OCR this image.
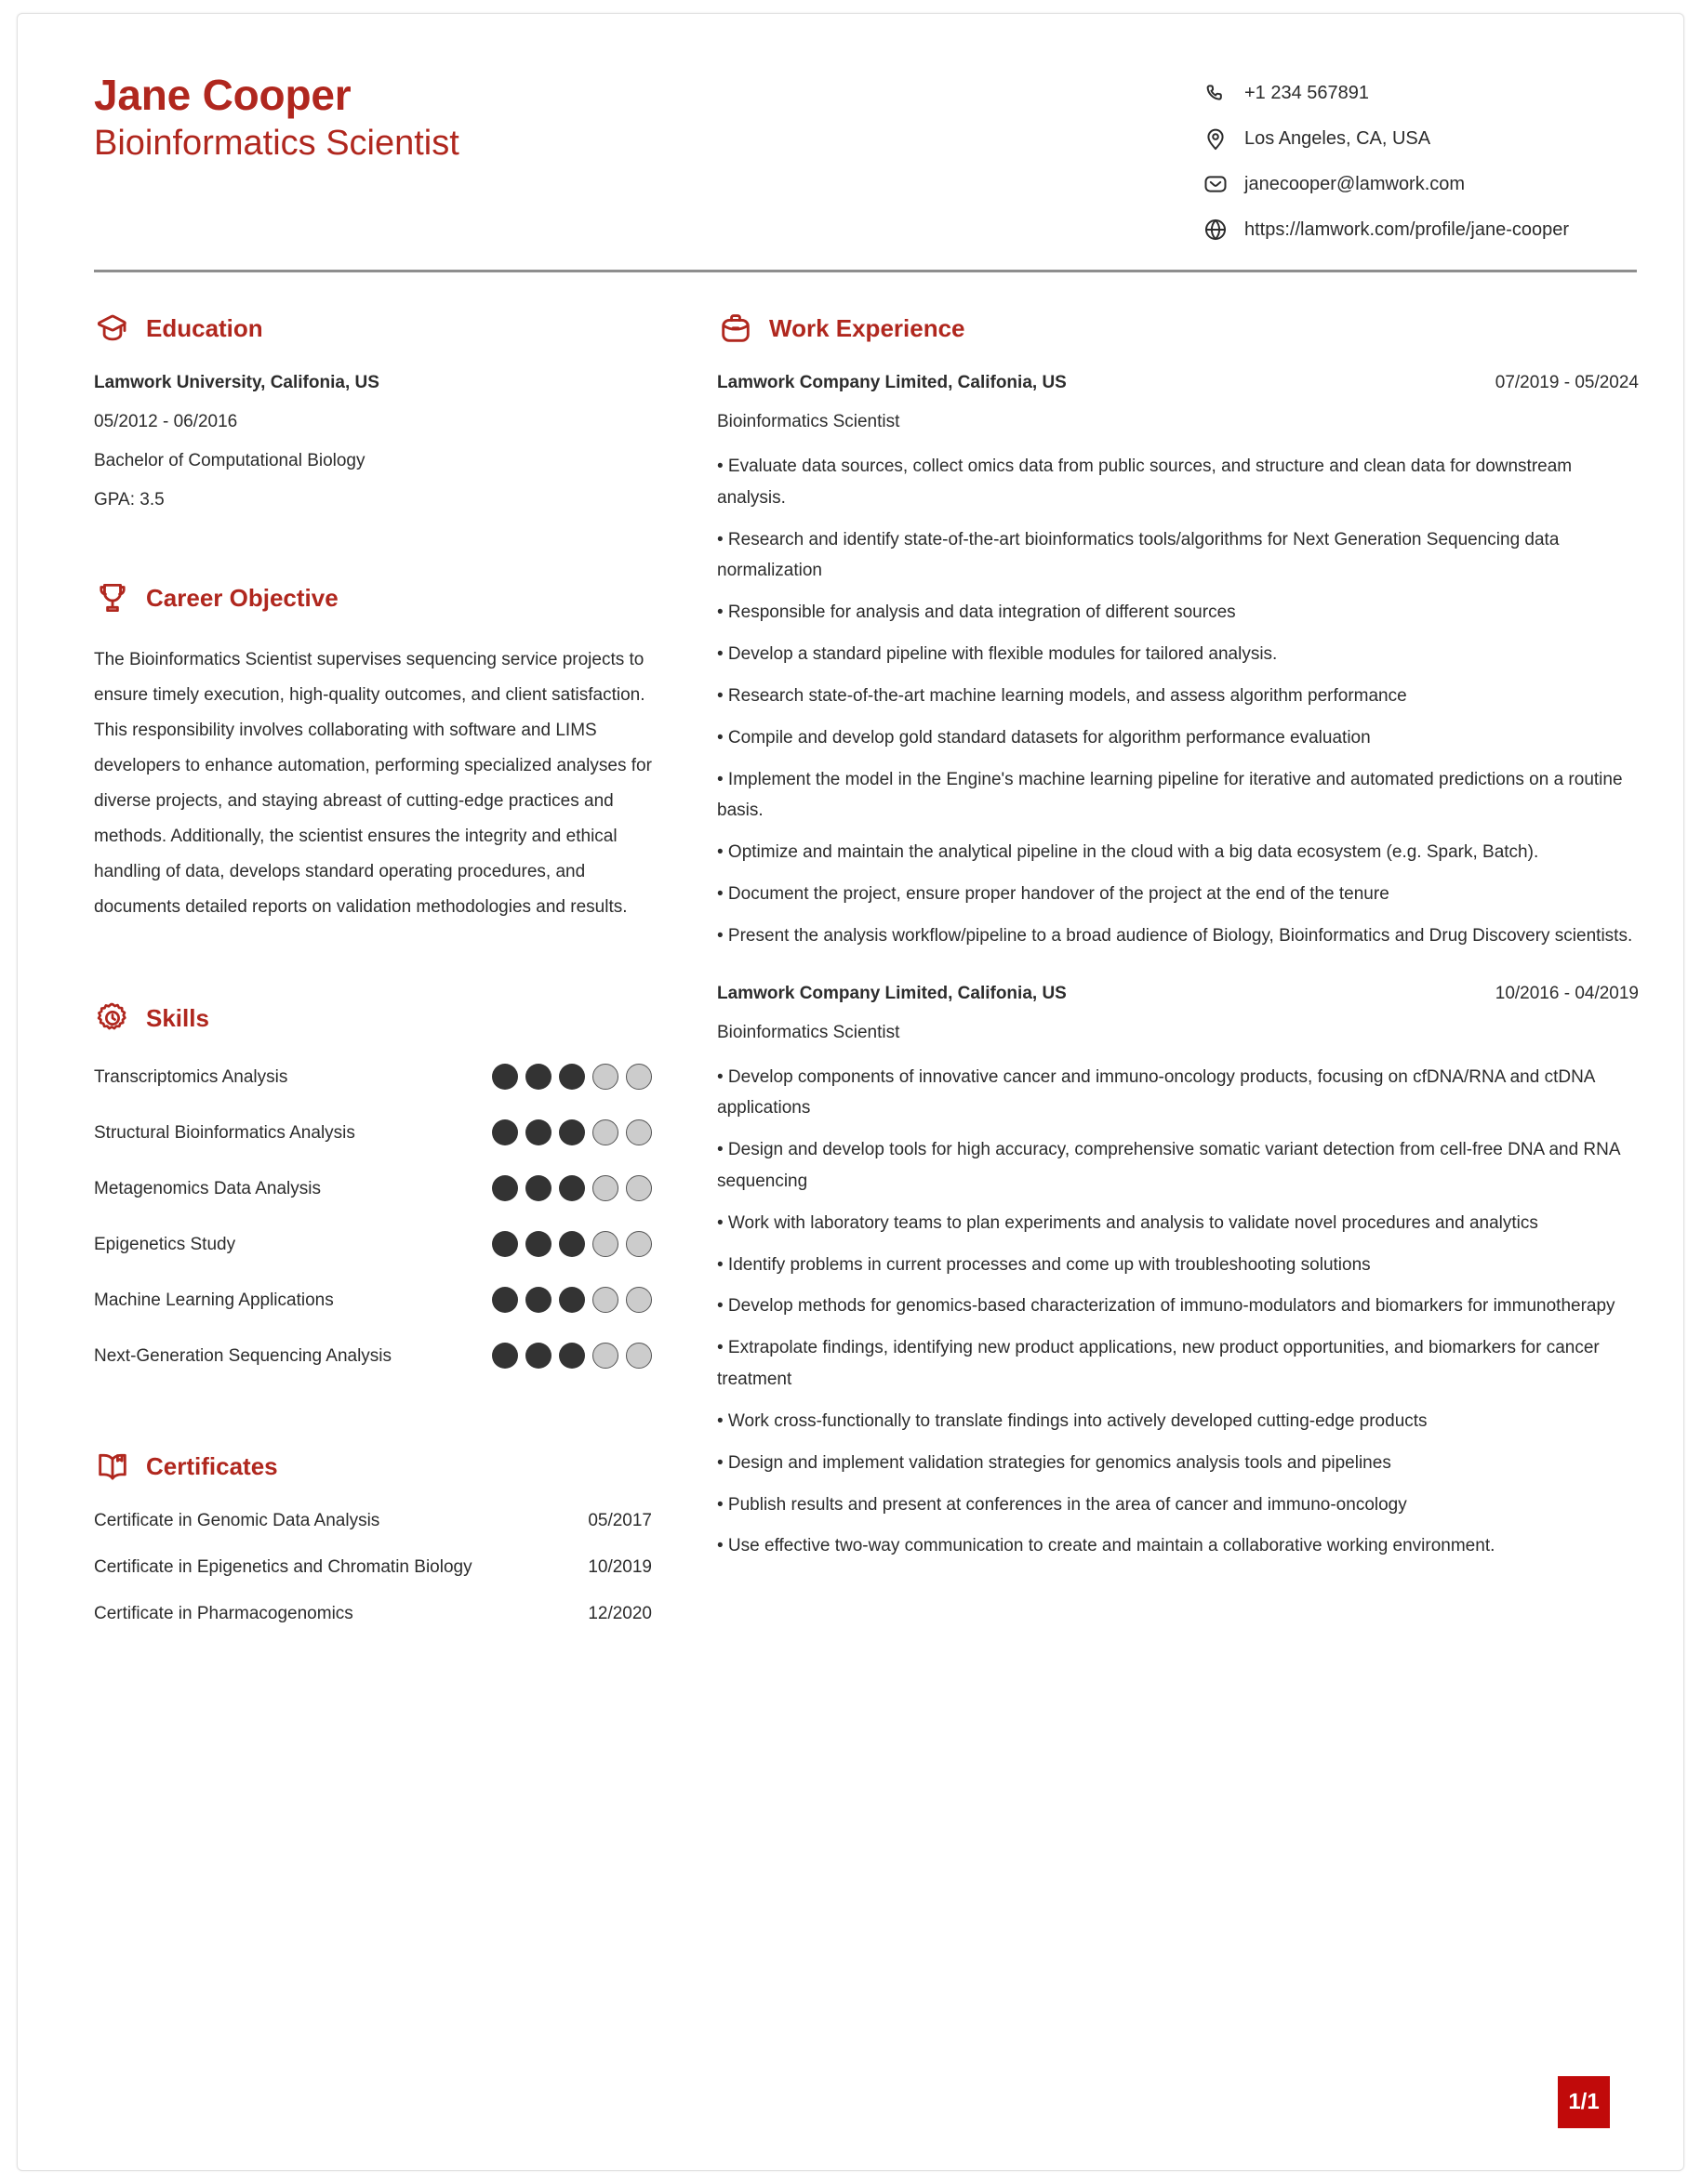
Jane Cooper
Bioinformatics Scientist
+1 234 567891
Los Angeles, CA, USA
janecooper@lamwork.com
https://lamwork.com/profile/jane-cooper
Education
Lamwork University, Califonia, US
05/2012 - 06/2016
Bachelor of Computational Biology
GPA: 3.5
Career Objective
The Bioinformatics Scientist supervises sequencing service projects to ensure timely execution, high-quality outcomes, and client satisfaction. This responsibility involves collaborating with software and LIMS developers to enhance automation, performing specialized analyses for diverse projects, and staying abreast of cutting-edge practices and methods. Additionally, the scientist ensures the integrity and ethical handling of data, develops standard operating procedures, and documents detailed reports on validation methodologies and results.
Skills
Transcriptomics Analysis
Structural Bioinformatics Analysis
Metagenomics Data Analysis
Epigenetics Study
Machine Learning Applications
Next-Generation Sequencing Analysis
Certificates
Certificate in Genomic Data Analysis	05/2017
Certificate in Epigenetics and Chromatin Biology	10/2019
Certificate in Pharmacogenomics	12/2020
Work Experience
Lamwork Company Limited, Califonia, US	07/2019 - 05/2024
Bioinformatics Scientist
• Evaluate data sources, collect omics data from public sources, and structure and clean data for downstream analysis.
• Research and identify state-of-the-art bioinformatics tools/algorithms for Next Generation Sequencing data normalization
• Responsible for analysis and data integration of different sources
• Develop a standard pipeline with flexible modules for tailored analysis.
• Research state-of-the-art machine learning models, and assess algorithm performance
• Compile and develop gold standard datasets for algorithm performance evaluation
• Implement the model in the Engine's machine learning pipeline for iterative and automated predictions on a routine basis.
• Optimize and maintain the analytical pipeline in the cloud with a big data ecosystem (e.g. Spark, Batch).
• Document the project, ensure proper handover of the project at the end of the tenure
• Present the analysis workflow/pipeline to a broad audience of Biology, Bioinformatics and Drug Discovery scientists.
Lamwork Company Limited, Califonia, US	10/2016 - 04/2019
Bioinformatics Scientist
• Develop components of innovative cancer and immuno-oncology products, focusing on cfDNA/RNA and ctDNA applications
• Design and develop tools for high accuracy, comprehensive somatic variant detection from cell-free DNA and RNA sequencing
• Work with laboratory teams to plan experiments and analysis to validate novel procedures and analytics
• Identify problems in current processes and come up with troubleshooting solutions
• Develop methods for genomics-based characterization of immuno-modulators and biomarkers for immunotherapy
• Extrapolate findings, identifying new product applications, new product opportunities, and biomarkers for cancer treatment
• Work cross-functionally to translate findings into actively developed cutting-edge products
• Design and implement validation strategies for genomics analysis tools and pipelines
• Publish results and present at conferences in the area of cancer and immuno-oncology
• Use effective two-way communication to create and maintain a collaborative working environment.
1/1
